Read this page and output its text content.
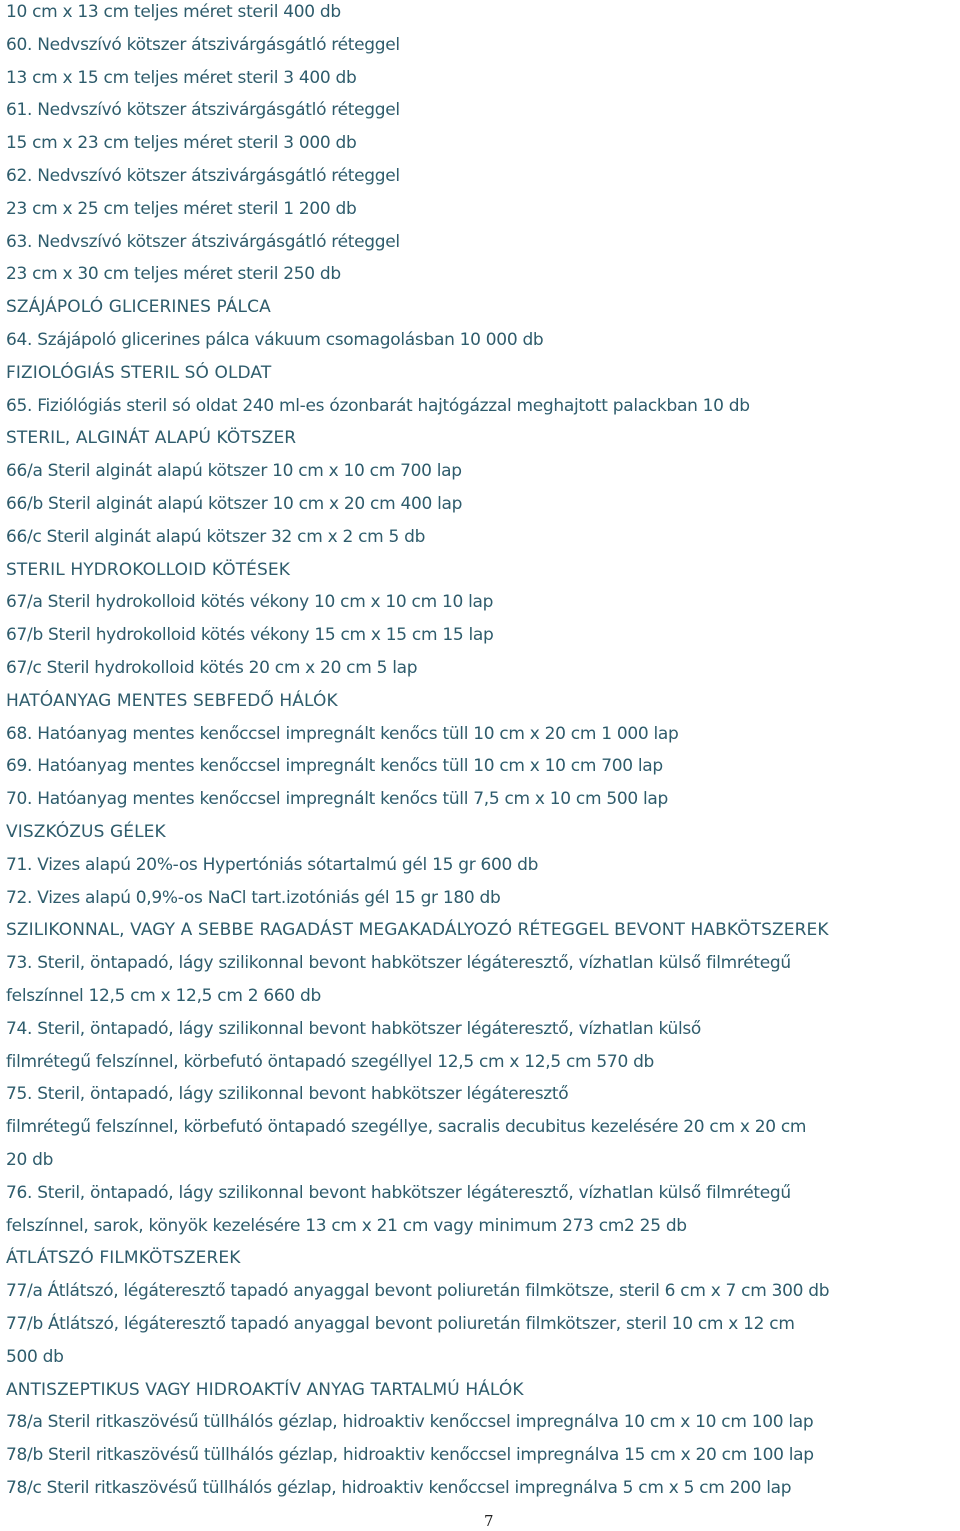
10 cm x 13 cm teljes méret steril 400 db

60. Nedvszívó kötszer átszivárgásgátló réteggel

13 cm x 15 cm teljes méret steril 3 400 db

61. Nedvszívó kötszer átszivárgásgátló réteggel

15 cm x 23 cm teljes méret steril 3 000 db

62. Nedvszívó kötszer átszivárgásgátló réteggel

23 cm x 25 cm teljes méret steril 1 200 db

63. Nedvszívó kötszer átszivárgásgátló réteggel

23 cm x 30 cm teljes méret steril 250 db

SZÁJÁPOLÓ GLICERINES PÁLCA

64. Szájápoló glicerines pálca vákuum csomagolásban 10 000 db

FIZIOLÓGIÁS STERIL SÓ OLDAT

65. Fiziólógiás steril só oldat 240 ml-es ózonbarát hajtógázzal meghajtott palackban 10 db

STERIL, ALGINÁT ALAPÚ KÖTSZER

66/a Steril alginát alapú kötszer 10 cm x 10 cm 700 lap

66/b Steril alginát alapú kötszer 10 cm x 20 cm 400 lap

66/c Steril alginát alapú kötszer 32 cm x 2 cm 5 db

STERIL HYDROKOLLOID KÖTÉSEK

67/a Steril hydrokolloid kötés vékony 10 cm x 10 cm 10 lap

67/b Steril hydrokolloid kötés vékony 15 cm x 15 cm 15 lap

67/c Steril hydrokolloid kötés 20 cm x 20 cm 5 lap

HATÓANYAG MENTES SEBFEDŐ HÁLÓK

68. Hatóanyag mentes kenőccsel impregnált kenőcs tüll 10 cm x 20 cm 1 000 lap

69. Hatóanyag mentes kenőccsel impregnált kenőcs tüll 10 cm x 10 cm 700 lap

70. Hatóanyag mentes kenőccsel impregnált kenőcs tüll 7,5 cm x 10 cm 500 lap

VISZKÓZUS GÉLEK

71. Vizes alapú 20%-os Hypertóniás sótartalmú gél 15 gr 600 db

72. Vizes alapú 0,9%-os NaCl tart.izotóniás gél 15 gr 180 db

SZILIKONNAL, VAGY A SEBBE RAGADÁST MEGAKADÁLYOZÓ RÉTEGGEL BEVONT HABKÖTSZEREK

73. Steril, öntapadó, lágy szilikonnal bevont habkötszer légáteresztő, vízhatlan külső filmrétegű

felszínnel 12,5 cm x 12,5 cm 2 660 db

74. Steril, öntapadó, lágy szilikonnal bevont habkötszer légáteresztő, vízhatlan külső

filmrétegű felszínnel, körbefutó öntapadó szegéllyel 12,5 cm x 12,5 cm 570 db

75. Steril, öntapadó, lágy szilikonnal bevont habkötszer légáteresztő

filmrétegű felszínnel, körbefutó öntapadó szegéllye, sacralis decubitus kezelésére 20 cm x 20 cm

20 db

76. Steril, öntapadó, lágy szilikonnal bevont habkötszer légáteresztő, vízhatlan külső filmrétegű

felszínnel, sarok, könyök kezelésére 13 cm x 21 cm vagy minimum 273 cm2 25 db

ÁTLÁTSZÓ FILMKÖTSZEREK

77/a Átlátszó, légáteresztő tapadó anyaggal bevont poliuretán filmkötsze, steril 6 cm x 7 cm 300 db

77/b Átlátszó, légáteresztő tapadó anyaggal bevont poliuretán filmkötszer, steril 10 cm x 12 cm

500 db

ANTISZEPTIKUS VAGY HIDROAKTÍV ANYAG TARTALMÚ HÁLÓK

78/a Steril ritkaszövésű tüllhálós gézlap, hidroaktiv kenőccsel impregnálva 10 cm x 10 cm 100 lap

78/b Steril ritkaszövésű tüllhálós gézlap, hidroaktiv kenőccsel impregnálva 15 cm x 20 cm 100 lap

78/c Steril ritkaszövésű tüllhálós gézlap, hidroaktiv kenőccsel impregnálva 5 cm x 5 cm 200 lap

7
